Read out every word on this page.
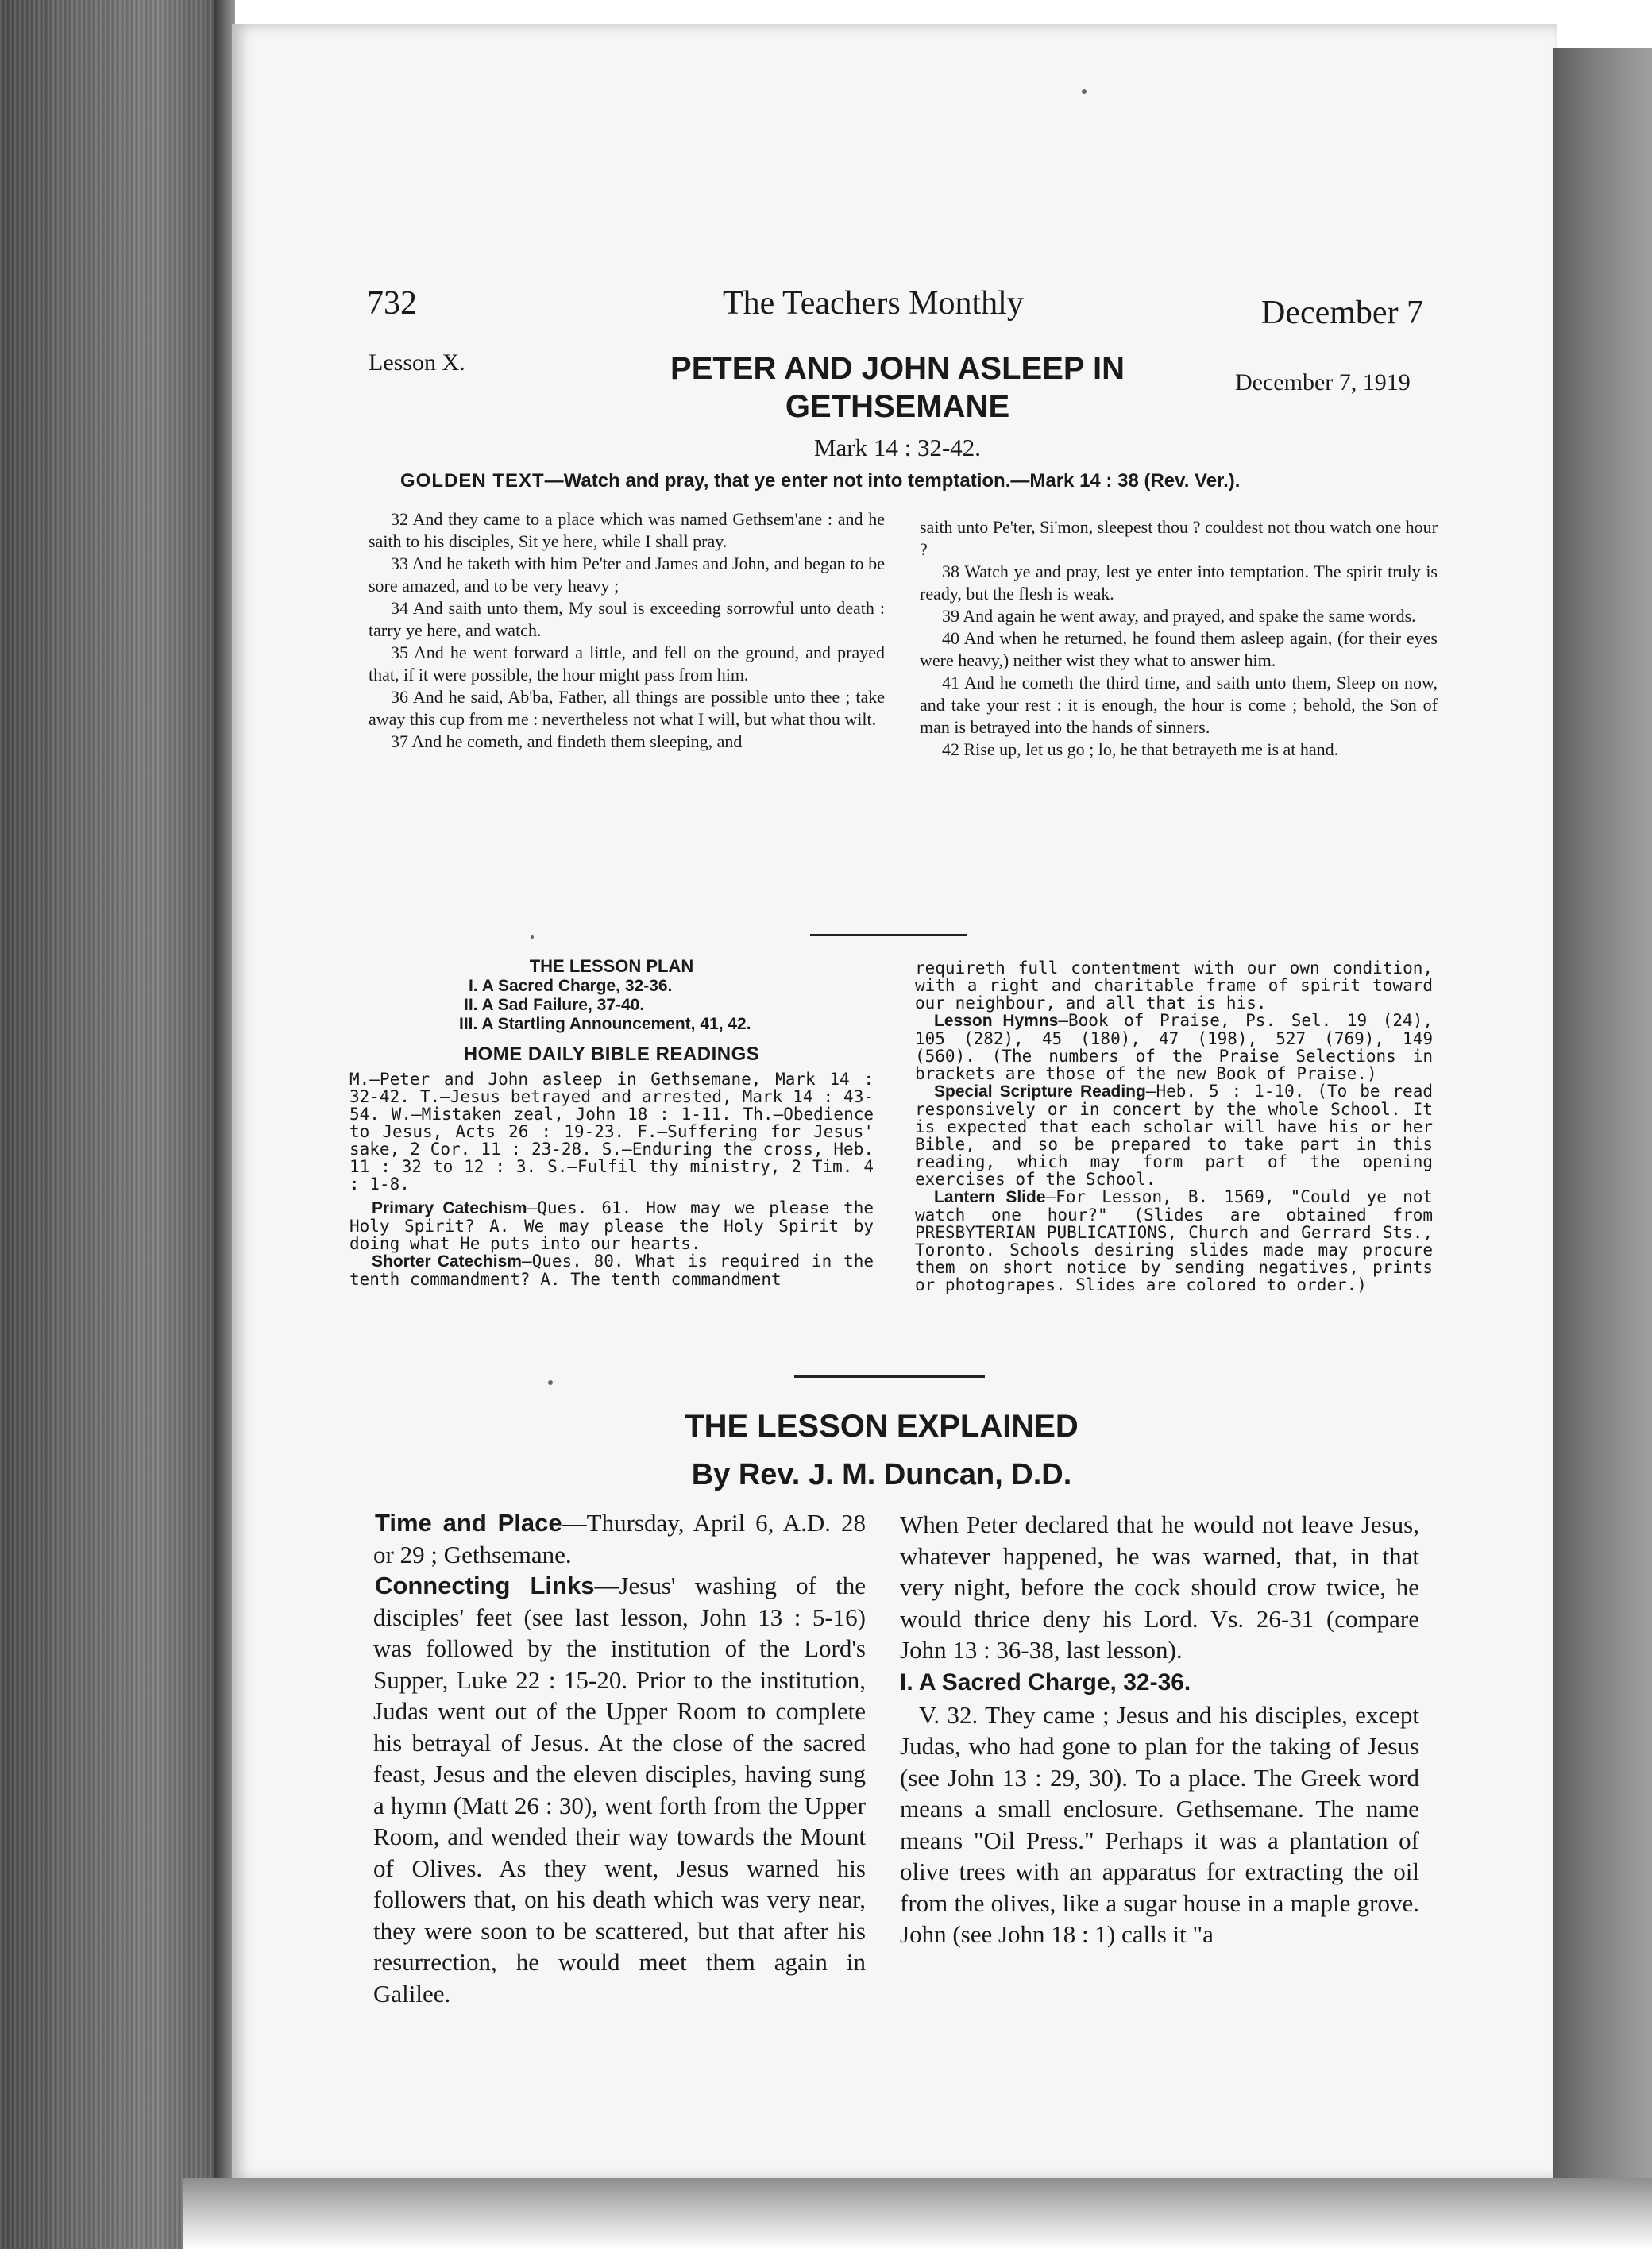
732	The Teachers Monthly	December 7
Lesson X.
December 7, 1919
PETER AND JOHN ASLEEP IN
GETHSEMANE
Mark 14 : 32-42.
GOLDEN TEXT—Watch and pray, that ye enter not into temptation.—Mark 14 : 38 (Rev. Ver.).

32 And they came to a place which was named Gethsem'ane : and he saith to his disciples, Sit ye here, while I shall pray.

33 And he taketh with him Pe'ter and James and John, and began to be sore amazed, and to be very heavy ;

34 And saith unto them, My soul is exceeding sorrowful unto death : tarry ye here, and watch.

35 And he went forward a little, and fell on the ground, and prayed that, if it were possible, the hour might pass from him.

36 And he said, Ab'ba, Father, all things are possible unto thee ; take away this cup from me : nevertheless not what I will, but what thou wilt.

37 And he cometh, and findeth them sleeping, and

saith unto Pe'ter, Si'mon, sleepest thou ? couldest not thou watch one hour ?

38 Watch ye and pray, lest ye enter into temptation. The spirit truly is ready, but the flesh is weak.

39 And again he went away, and prayed, and spake the same words.

40 And when he returned, he found them asleep again, (for their eyes were heavy,) neither wist they what to answer him.

41 And he cometh the third time, and saith unto them, Sleep on now, and take your rest : it is enough, the hour is come ; behold, the Son of man is betrayed into the hands of sinners.

42 Rise up, let us go ; lo, he that betrayeth me is at hand.

THE LESSON PLAN
I. A Sacred Charge, 32-36.
II. A Sad Failure, 37-40.
III. A Startling Announcement, 41, 42.
HOME DAILY BIBLE READINGS

M.—Peter and John asleep in Gethsemane, Mark 14 : 32-42. T.—Jesus betrayed and arrested, Mark 14 : 43-54. W.—Mistaken zeal, John 18 : 1-11. Th.—Obedience to Jesus, Acts 26 : 19-23. F.—Suffering for Jesus' sake, 2 Cor. 11 : 23-28. S.—Enduring the cross, Heb. 11 : 32 to 12 : 3. S.—Fulfil thy ministry, 2 Tim. 4 : 1-8.

Primary Catechism—Ques. 61. How may we please the Holy Spirit? A. We may please the Holy Spirit by doing what He puts into our hearts.

Shorter Catechism—Ques. 80. What is required in the tenth commandment? A. The tenth commandment

requireth full contentment with our own condition, with a right and charitable frame of spirit toward our neighbour, and all that is his.

Lesson Hymns—Book of Praise, Ps. Sel. 19 (24), 105 (282), 45 (180), 47 (198), 527 (769), 149 (560). (The numbers of the Praise Selections in brackets are those of the new Book of Praise.)

Special Scripture Reading—Heb. 5 : 1-10. (To be read responsively or in concert by the whole School. It is expected that each scholar will have his or her Bible, and so be prepared to take part in this reading, which may form part of the opening exercises of the School.

Lantern Slide—For Lesson, B. 1569, "Could ye not watch one hour?" (Slides are obtained from PRESBYTERIAN PUBLICATIONS, Church and Gerrard Sts., Toronto. Schools desiring slides made may procure them on short notice by sending negatives, prints or photograpes. Slides are colored to order.)

THE LESSON EXPLAINED
By Rev. J. M. Duncan, D.D.

Time and Place—Thursday, April 6, A.D. 28 or 29 ; Gethsemane.

Connecting Links—Jesus' washing of the disciples' feet (see last lesson, John 13 : 5-16) was followed by the institution of the Lord's Supper, Luke 22 : 15-20. Prior to the institution, Judas went out of the Upper Room to complete his betrayal of Jesus. At the close of the sacred feast, Jesus and the eleven disciples, having sung a hymn (Matt 26 : 30), went forth from the Upper Room, and wended their way towards the Mount of Olives. As they went, Jesus warned his followers that, on his death which was very near, they were soon to be scattered, but that after his resurrection, he would meet them again in Galilee.

When Peter declared that he would not leave Jesus, whatever happened, he was warned, that, in that very night, before the cock should crow twice, he would thrice deny his Lord. Vs. 26-31 (compare John 13 : 36-38, last lesson).

I. A Sacred Charge, 32-36.

V. 32. They came ; Jesus and his disciples, except Judas, who had gone to plan for the taking of Jesus (see John 13 : 29, 30). To a place. The Greek word means a small enclosure. Gethsemane. The name means "Oil Press." Perhaps it was a plantation of olive trees with an apparatus for extracting the oil from the olives, like a sugar house in a maple grove. John (see John 18 : 1) calls it "a
